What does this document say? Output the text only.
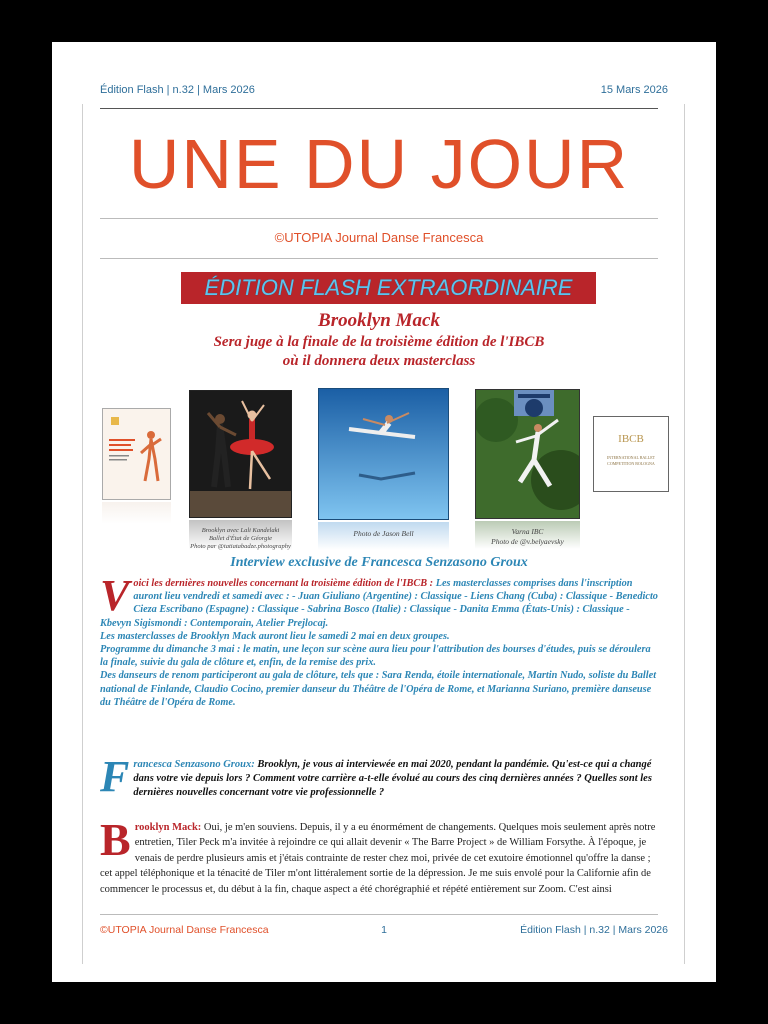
Édition Flash | n.32 | Mars 2026	15 Mars 2026
UNE DU JOUR
©UTOPIA Journal Danse Francesca
ÉDITION FLASH EXTRAORDINAIRE
Brooklyn Mack
Sera juge à la finale de la troisième édition de l'IBCB
où il donnera deux masterclass
IBCB
INTERNATIONAL BALLET
COMPETITION BOLOGNA
Brooklyn avec Lali Kandelaki
Ballet d'État de Géorgie
Photo par @tatiatabadze.photography
Photo de Jason Bell	Varna IBC
Photo de @v.belyaevsky
Interview exclusive de Francesca Senzasono Groux
Voici les dernières nouvelles concernant la troisième édition de l'IBCB : Les masterclasses comprises dans l'inscription auront lieu vendredi et samedi avec : - Juan Giuliano (Argentine) : Classique - Liens Chang (Cuba) : Classique - Benedicto Cieza Escribano (Espagne) : Classique - Sabrina Bosco (Italie) : Classique - Danita Emma (États-Unis) : Classique - Kbevyn Sigismondi : Contemporain, Atelier Prejlocaj.
Les masterclasses de Brooklyn Mack auront lieu le samedi 2 mai en deux groupes.
Programme du dimanche 3 mai : le matin, une leçon sur scène aura lieu pour l'attribution des bourses d'études, puis se déroulera la finale, suivie du gala de clôture et, enfin, de la remise des prix.
Des danseurs de renom participeront au gala de clôture, tels que : Sara Renda, étoile internationale, Martin Nudo, soliste du Ballet national de Finlande, Claudio Cocino, premier danseur du Théâtre de l'Opéra de Rome, et Marianna Suriano, première danseuse du Théâtre de l'Opéra de Rome.
Francesca Senzasono Groux: Brooklyn, je vous ai interviewée en mai 2020, pendant la pandémie. Qu'est-ce qui a changé dans votre vie depuis lors ? Comment votre carrière a-t-elle évolué au cours des cinq dernières années ? Quelles sont les dernières nouvelles concernant votre vie professionnelle ?
Brooklyn Mack: Oui, je m'en souviens. Depuis, il y a eu énormément de changements. Quelques mois seulement après notre entretien, Tiler Peck m'a invitée à rejoindre ce qui allait devenir « The Barre Project » de William Forsythe. À l'époque, je venais de perdre plusieurs amis et j'étais contrainte de rester chez moi, privée de cet exutoire émotionnel qu'offre la danse ; cet appel téléphonique et la ténacité de Tiler m'ont littéralement sortie de la dépression. Je me suis envolé pour la Californie afin de commencer le processus et, du début à la fin, chaque aspect a été chorégraphié et répété entièrement sur Zoom. C'est ainsi
©UTOPIA Journal Danse Francesca	1	Édition Flash | n.32 | Mars 2026
